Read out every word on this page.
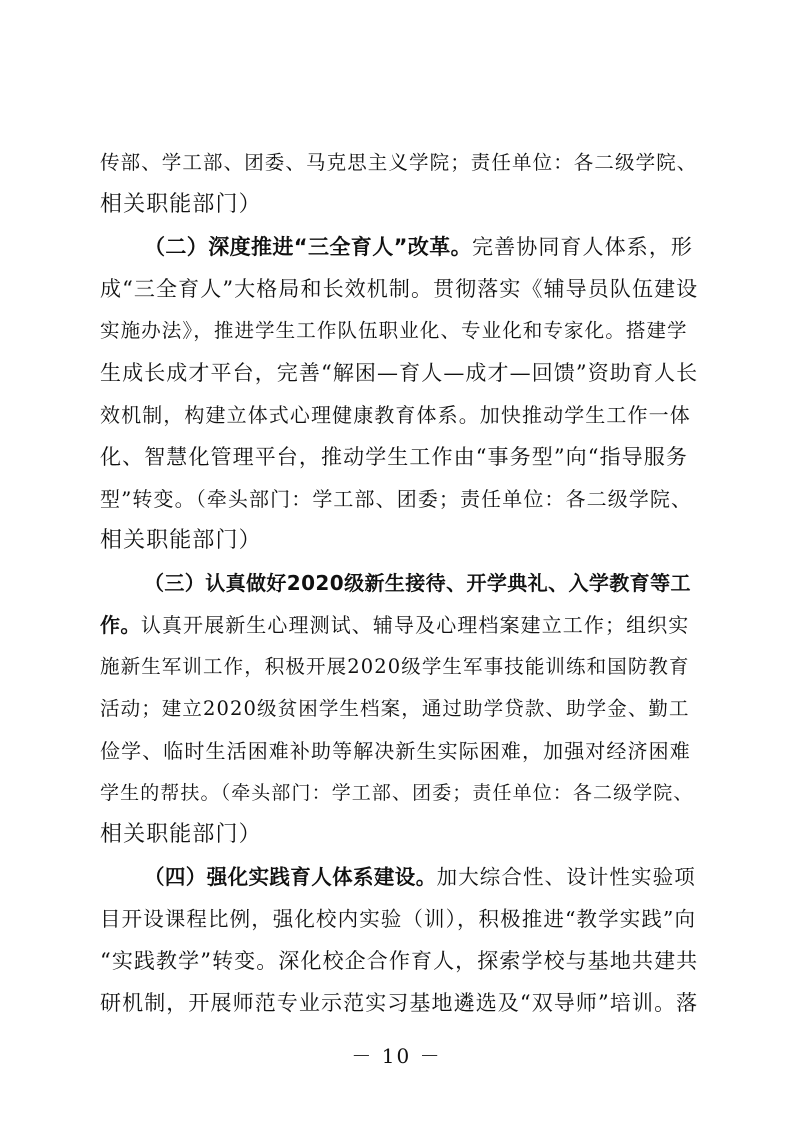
传部、学工部、团委、马克思主义学院；责任单位：各二级学院、
相关职能部门）
（二）深度推进“三全育人”改革。完善协同育人体系，形
成“三全育人”大格局和长效机制。贯彻落实《辅导员队伍建设
实施办法》，推进学生工作队伍职业化、专业化和专家化。搭建学
生成长成才平台，完善“解困—育人—成才—回馈”资助育人长
效机制，构建立体式心理健康教育体系。加快推动学生工作一体
化、智慧化管理平台，推动学生工作由“事务型”向“指导服务
型”转变。（牵头部门：学工部、团委；责任单位：各二级学院、
相关职能部门）
（三）认真做好2020级新生接待、开学典礼、入学教育等工
作。认真开展新生心理测试、辅导及心理档案建立工作；组织实
施新生军训工作，积极开展2020级学生军事技能训练和国防教育
活动；建立2020级贫困学生档案，通过助学贷款、助学金、勤工
俭学、临时生活困难补助等解决新生实际困难，加强对经济困难
学生的帮扶。（牵头部门：学工部、团委；责任单位：各二级学院、
相关职能部门）
（四）强化实践育人体系建设。加大综合性、设计性实验项
目开设课程比例，强化校内实验（训），积极推进“教学实践”向
“实践教学”转变。深化校企合作育人，探索学校与基地共建共
研机制，开展师范专业示范实习基地遴选及“双导师”培训。落
－ 10 －
